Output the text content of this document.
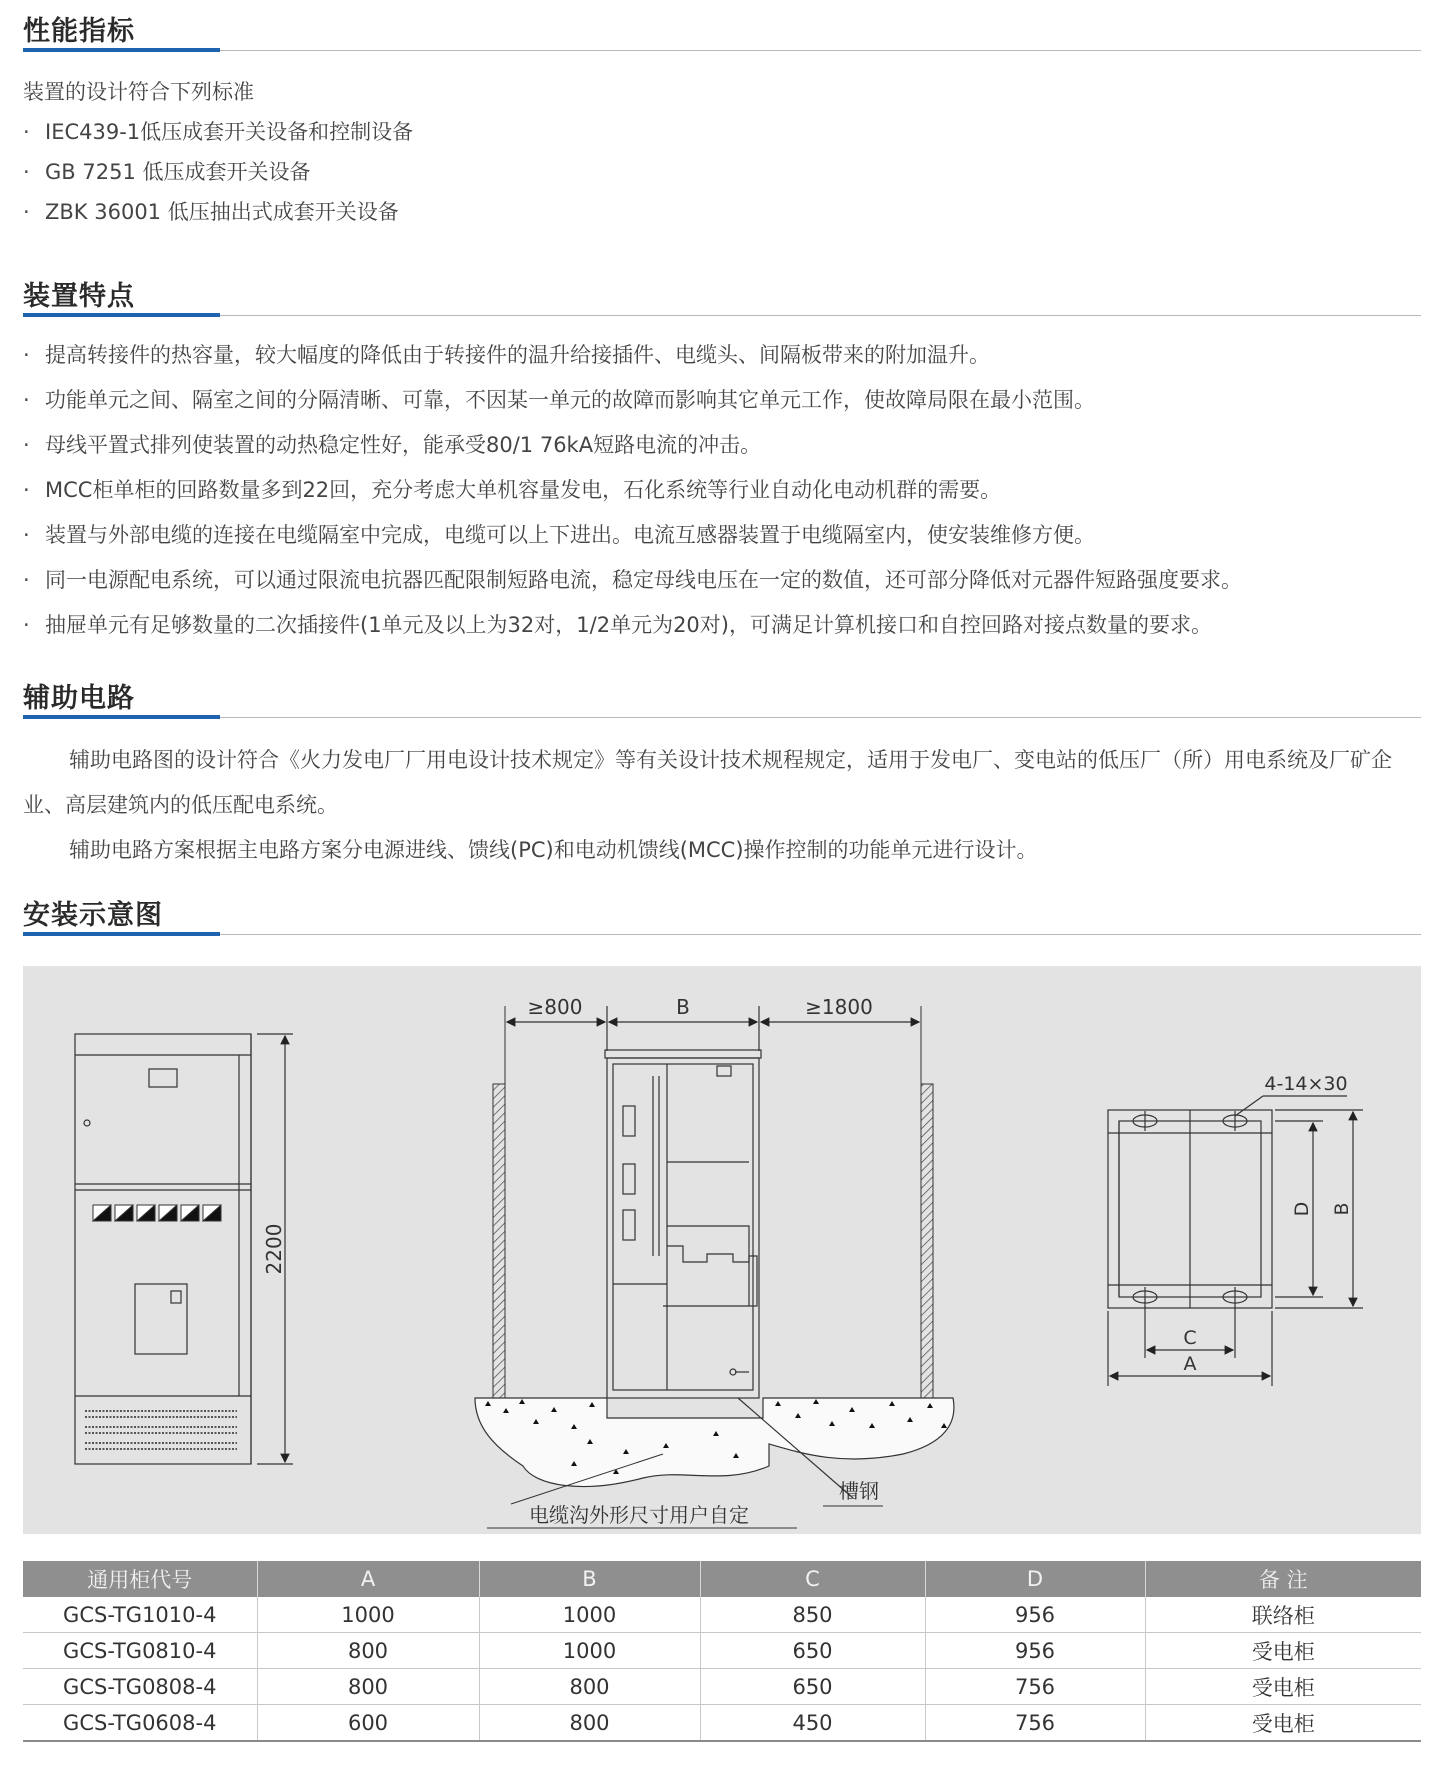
性能指标
装置的设计符合下列标准
· IEC439-1低压成套开关设备和控制设备
· GB 7251 低压成套开关设备
· ZBK 36001 低压抽出式成套开关设备
装置特点
· 提高转接件的热容量，较大幅度的降低由于转接件的温升给接插件、电缆头、间隔板带来的附加温升。
· 功能单元之间、隔室之间的分隔清晰、可靠，不因某一单元的故障而影响其它单元工作，使故障局限在最小范围。
· 母线平置式排列使装置的动热稳定性好，能承受80/1 76kA短路电流的冲击。
· MCC柜单柜的回路数量多到22回，充分考虑大单机容量发电，石化系统等行业自动化电动机群的需要。
· 装置与外部电缆的连接在电缆隔室中完成，电缆可以上下进出。电流互感器装置于电缆隔室内，使安装维修方便。
· 同一电源配电系统，可以通过限流电抗器匹配限制短路电流，稳定母线电压在一定的数值，还可部分降低对元器件短路强度要求。
· 抽屉单元有足够数量的二次插接件(1单元及以上为32对，1/2单元为20对)，可满足计算机接口和自控回路对接点数量的要求。
辅助电路
辅助电路图的设计符合《火力发电厂厂用电设计技术规定》等有关设计技术规程规定，适用于发电厂、变电站的低压厂（所）用电系统及厂矿企业、高层建筑内的低压配电系统。
辅助电路方案根据主电路方案分电源进线、馈线(PC)和电动机馈线(MCC)操作控制的功能单元进行设计。
安装示意图
2200
≥800	B	≥1800
槽钢
电缆沟外形尺寸用户自定
4-14×30
D B
C
A
通用柜代号	A	B	C	D	备 注
GCS-TG1010-4	1000	1000	850	956	联络柜
GCS-TG0810-4	800	1000	650	956	受电柜
GCS-TG0808-4	800	800	650	756	受电柜
GCS-TG0608-4	600	800	450	756	受电柜
